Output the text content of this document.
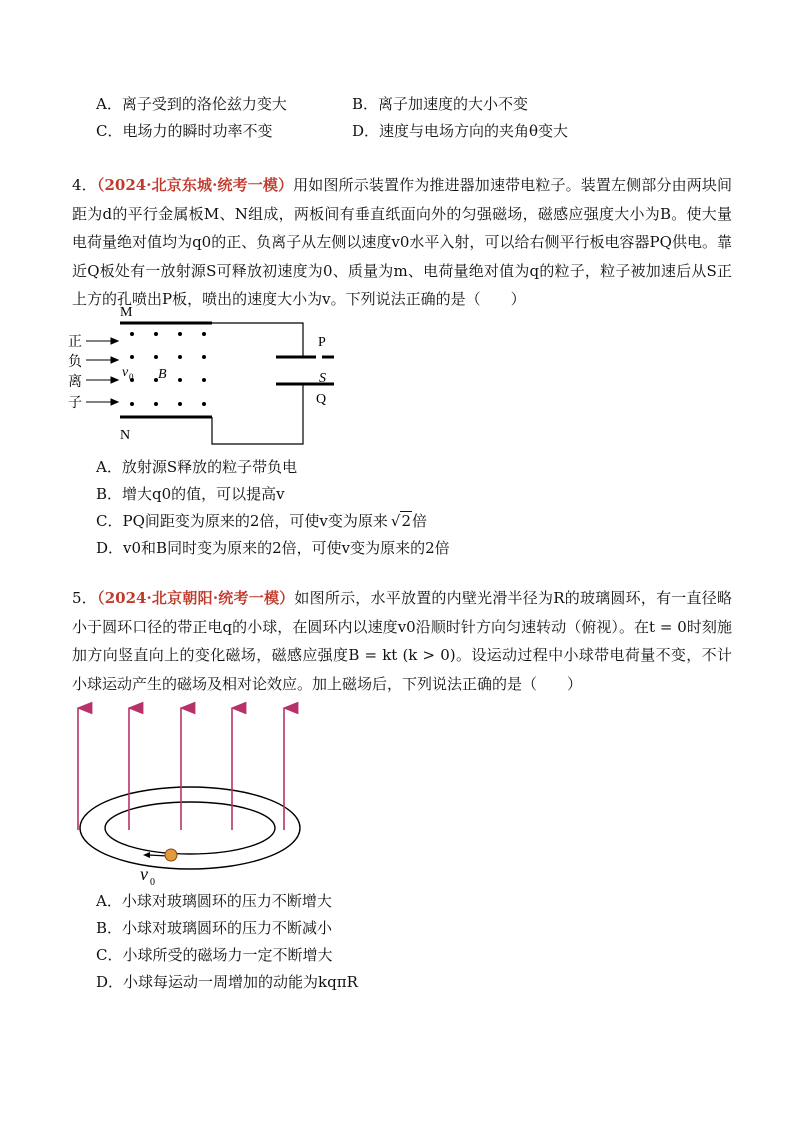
A．离子受到的洛伦兹力变大	B．离子加速度的大小不变
C．电场力的瞬时功率不变	D．速度与电场方向的夹角θ变大
4．（2024·北京东城·统考一模）用如图所示装置作为推进器加速带电粒子。装置左侧部分由两块间距为d的平行金属板M、N组成，两板间有垂直纸面向外的匀强磁场，磁感应强度大小为B。使大量电荷量绝对值均为q0的正、负离子从左侧以速度v0水平入射，可以给右侧平行板电容器PQ供电。靠近Q板处有一放射源S可释放初速度为0、质量为m、电荷量绝对值为q的粒子，粒子被加速后从S正上方的孔喷出P板，喷出的速度大小为v。下列说法正确的是（　　）
正
负
离
子
M
N
P
Q
S
B
v 0
A．放射源S释放的粒子带负电
B．增大q0的值，可以提高v
C．PQ间距变为原来的2倍，可使v变为原来 √2倍
D．v0和B同时变为原来的2倍，可使v变为原来的2倍
5．（2024·北京朝阳·统考一模）如图所示，水平放置的内壁光滑半径为R的玻璃圆环，有一直径略小于圆环口径的带正电q的小球，在圆环内以速度v0沿顺时针方向匀速转动（俯视）。在t = 0时刻施加方向竖直向上的变化磁场，磁感应强度B = kt (k > 0)。设运动过程中小球带电荷量不变，不计小球运动产生的磁场及相对论效应。加上磁场后，下列说法正确的是（　　）
v 0
A．小球对玻璃圆环的压力不断增大
B．小球对玻璃圆环的压力不断减小
C．小球所受的磁场力一定不断增大
D．小球每运动一周增加的动能为kqπR
